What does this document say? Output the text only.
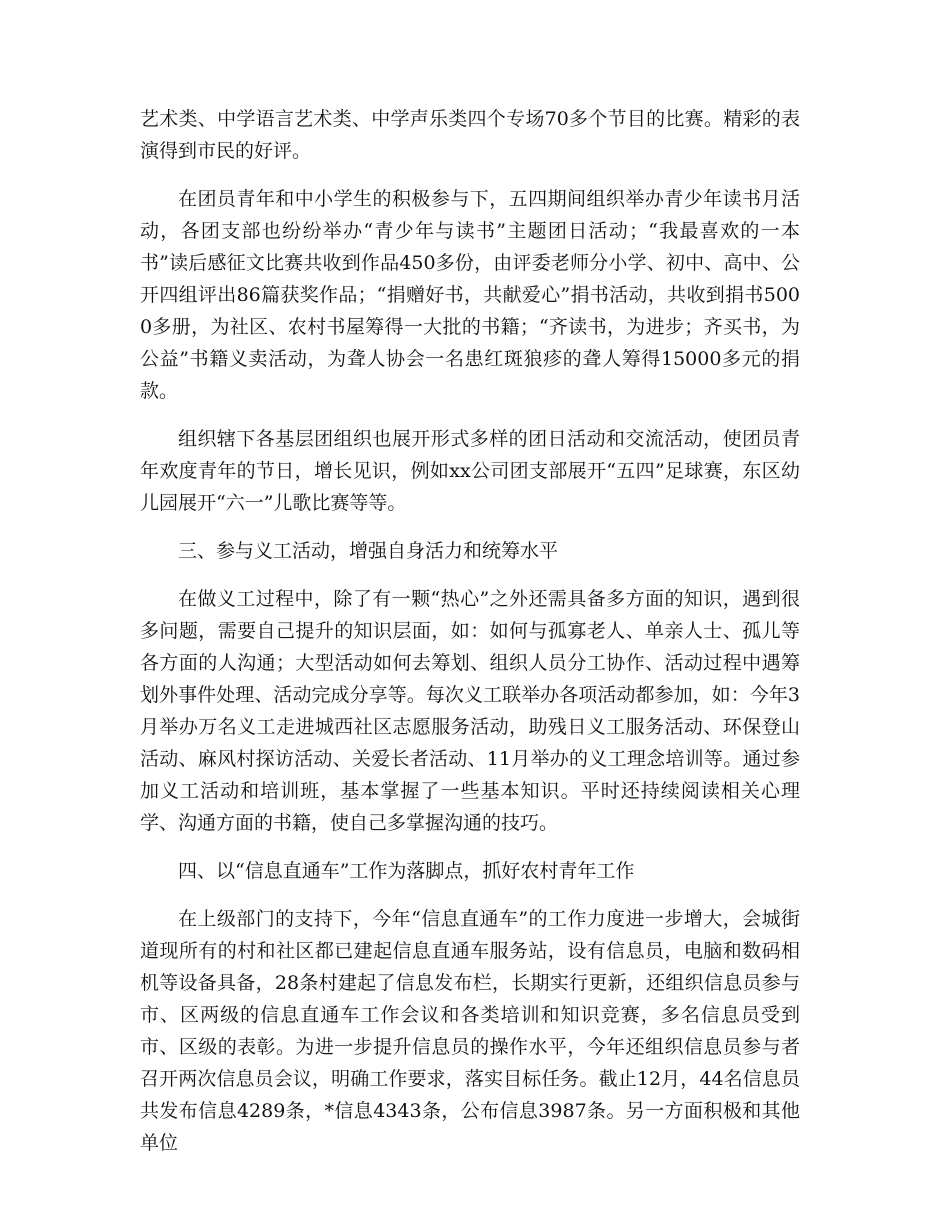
艺术类、中学语言艺术类、中学声乐类四个专场70多个节目的比赛。精彩的表演得到市民的好评。

在团员青年和中小学生的积极参与下，五四期间组织举办青少年读书月活动，各团支部也纷纷举办“青少年与读书”主题团日活动；“我最喜欢的一本书”读后感征文比赛共收到作品450多份，由评委老师分小学、初中、高中、公开四组评出86篇获奖作品；“捐赠好书，共献爱心”捐书活动，共收到捐书5000多册，为社区、农村书屋筹得一大批的书籍；“齐读书，为进步；齐买书，为公益”书籍义卖活动，为聋人协会一名患红斑狼疹的聋人筹得15000多元的捐款。

组织辖下各基层团组织也展开形式多样的团日活动和交流活动，使团员青年欢度青年的节日，增长见识，例如xx公司团支部展开“五四”足球赛，东区幼儿园展开“六一”儿歌比赛等等。

三、参与义工活动，增强自身活力和统筹水平

在做义工过程中，除了有一颗“热心”之外还需具备多方面的知识，遇到很多问题，需要自己提升的知识层面，如：如何与孤寡老人、单亲人士、孤儿等各方面的人沟通；大型活动如何去筹划、组织人员分工协作、活动过程中遇筹划外事件处理、活动完成分享等。每次义工联举办各项活动都参加，如：今年3月举办万名义工走进城西社区志愿服务活动，助残日义工服务活动、环保登山活动、麻风村探访活动、关爱长者活动、11月举办的义工理念培训等。通过参加义工活动和培训班，基本掌握了一些基本知识。平时还持续阅读相关心理学、沟通方面的书籍，使自己多掌握沟通的技巧。

四、以“信息直通车”工作为落脚点，抓好农村青年工作

在上级部门的支持下，今年“信息直通车”的工作力度进一步增大，会城街道现所有的村和社区都已建起信息直通车服务站，设有信息员，电脑和数码相机等设备具备，28条村建起了信息发布栏，长期实行更新，还组织信息员参与市、区两级的信息直通车工作会议和各类培训和知识竞赛，多名信息员受到市、区级的表彰。为进一步提升信息员的操作水平，今年还组织信息员参与者召开两次信息员会议，明确工作要求，落实目标任务。截止12月，44名信息员共发布信息4289条，*信息4343条，公布信息3987条。另一方面积极和其他单位
